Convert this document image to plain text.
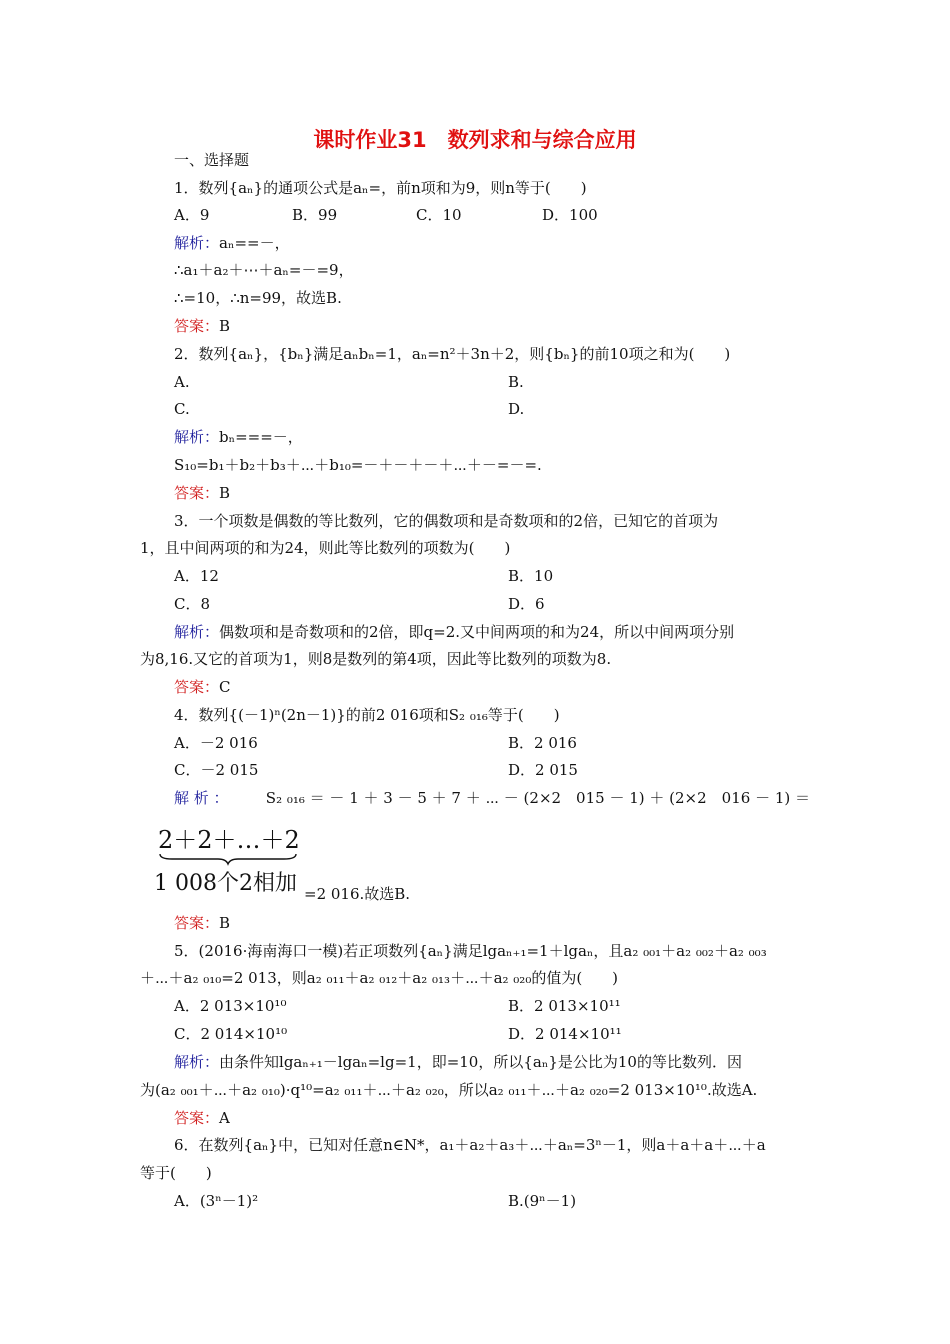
课时作业31　数列求和与综合应用
一、选择题
1．数列{aₙ}的通项公式是aₙ=，前n项和为9，则n等于(　　)
A．9	B．99	C．10	D．100
解析：aₙ==－，
∴a₁＋a₂＋⋯＋aₙ=－=9，
∴=10，∴n=99，故选B.
答案：B
2．数列{aₙ}，{bₙ}满足aₙbₙ=1，aₙ=n²＋3n＋2，则{bₙ}的前10项之和为(　　)
A.	B.
C.	D.
解析：bₙ===－，
S₁₀=b₁＋b₂＋b₃＋⋯＋b₁₀=－＋－＋－＋⋯＋－=－=.
答案：B
3．一个项数是偶数的等比数列，它的偶数项和是奇数项和的2倍，已知它的首项为
1，且中间两项的和为24，则此等比数列的项数为(　　)
A．12	B．10
C．8	D．6
解析：偶数项和是奇数项和的2倍，即q=2.又中间两项的和为24，所以中间两项分别
为8,16.又它的首项为1，则8是数列的第4项，因此等比数列的项数为8.
答案：C
4．数列{(－1)ⁿ(2n－1)}的前2 016项和S₂ ₀₁₆等于(　　)
A．－2 016	B．2 016
C．－2 015	D．2 015
解 析 ： S₂ ₀₁₆ ＝ － 1 ＋ 3 － 5 ＋ 7 ＋ ⋯ － (2×2　015 － 1) ＋ (2×2　016 － 1) ＝
2＋2＋…＋2
1 008个2相加 =2 016.故选B.
答案：B
5．(2016·海南海口一模)若正项数列{aₙ}满足lgaₙ₊₁=1＋lgaₙ，且a₂ ₀₀₁＋a₂ ₀₀₂＋a₂ ₀₀₃
＋⋯＋a₂ ₀₁₀=2 013，则a₂ ₀₁₁＋a₂ ₀₁₂＋a₂ ₀₁₃＋⋯＋a₂ ₀₂₀的值为(　　)
A．2 013×10¹⁰	B．2 013×10¹¹
C．2 014×10¹⁰	D．2 014×10¹¹
解析：由条件知lgaₙ₊₁－lgaₙ=lg=1，即=10，所以{aₙ}是公比为10的等比数列．因
为(a₂ ₀₀₁＋⋯＋a₂ ₀₁₀)·q¹⁰=a₂ ₀₁₁＋⋯＋a₂ ₀₂₀，所以a₂ ₀₁₁＋⋯＋a₂ ₀₂₀=2 013×10¹⁰.故选A.
答案：A
6．在数列{aₙ}中，已知对任意n∈N*，a₁＋a₂＋a₃＋⋯＋aₙ=3ⁿ－1，则a＋a＋a＋⋯＋a
等于(　　)
A．(3ⁿ－1)²	B.(9ⁿ－1)
